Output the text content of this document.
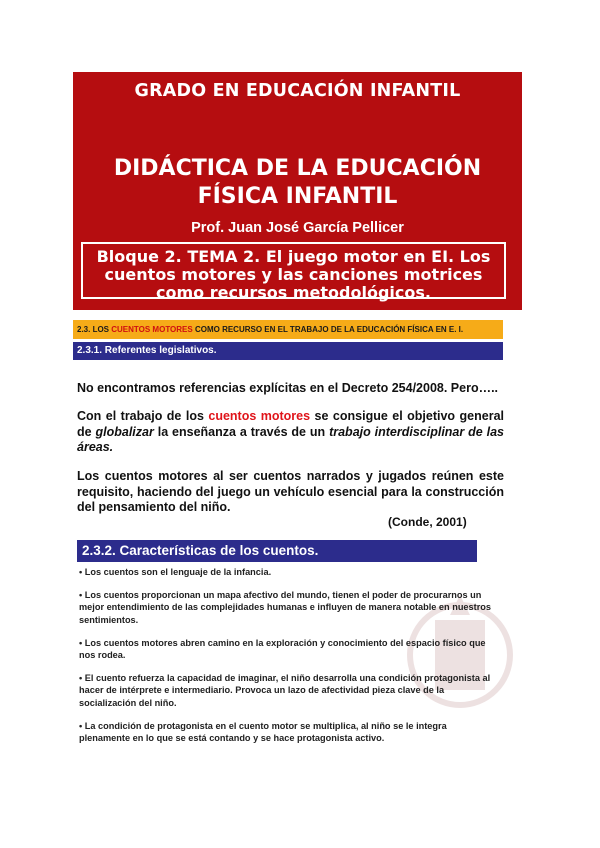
GRADO EN EDUCACIÓN INFANTIL
DIDÁCTICA DE LA EDUCACIÓN
FÍSICA INFANTIL
Prof. Juan José García Pellicer
Bloque 2. TEMA 2. El juego motor en EI. Los cuentos motores y las canciones motrices como recursos metodológicos.
2.3. LOS CUENTOS MOTORES COMO RECURSO EN EL TRABAJO DE LA EDUCACIÓN FÍSICA EN E. I.
2.3.1. Referentes legislativos.
No encontramos referencias explícitas en el Decreto 254/2008. Pero…..
Con el trabajo de los cuentos motores se consigue el objetivo general de globalizar la enseñanza a través de un trabajo interdisciplinar de las áreas.
Los cuentos motores al ser cuentos narrados y jugados reúnen este requisito, haciendo del juego un vehículo esencial para la construcción del pensamiento del niño.
(Conde, 2001)
2.3.2. Características de los cuentos.
• Los cuentos son el lenguaje de la infancia.
• Los cuentos proporcionan un mapa afectivo del mundo, tienen el poder de procurarnos un mejor entendimiento de las complejidades humanas e influyen de manera notable en nuestros sentimientos.
• Los cuentos motores abren camino en la exploración y conocimiento del espacio físico que nos rodea.
• El cuento refuerza la capacidad de imaginar, el niño desarrolla una condición protagonista al hacer de intérprete e intermediario. Provoca un lazo de afectividad pieza clave de la socialización del niño.
• La condición de protagonista en el cuento motor se multiplica, al niño se le integra plenamente en lo que se está contando y se hace protagonista activo.
